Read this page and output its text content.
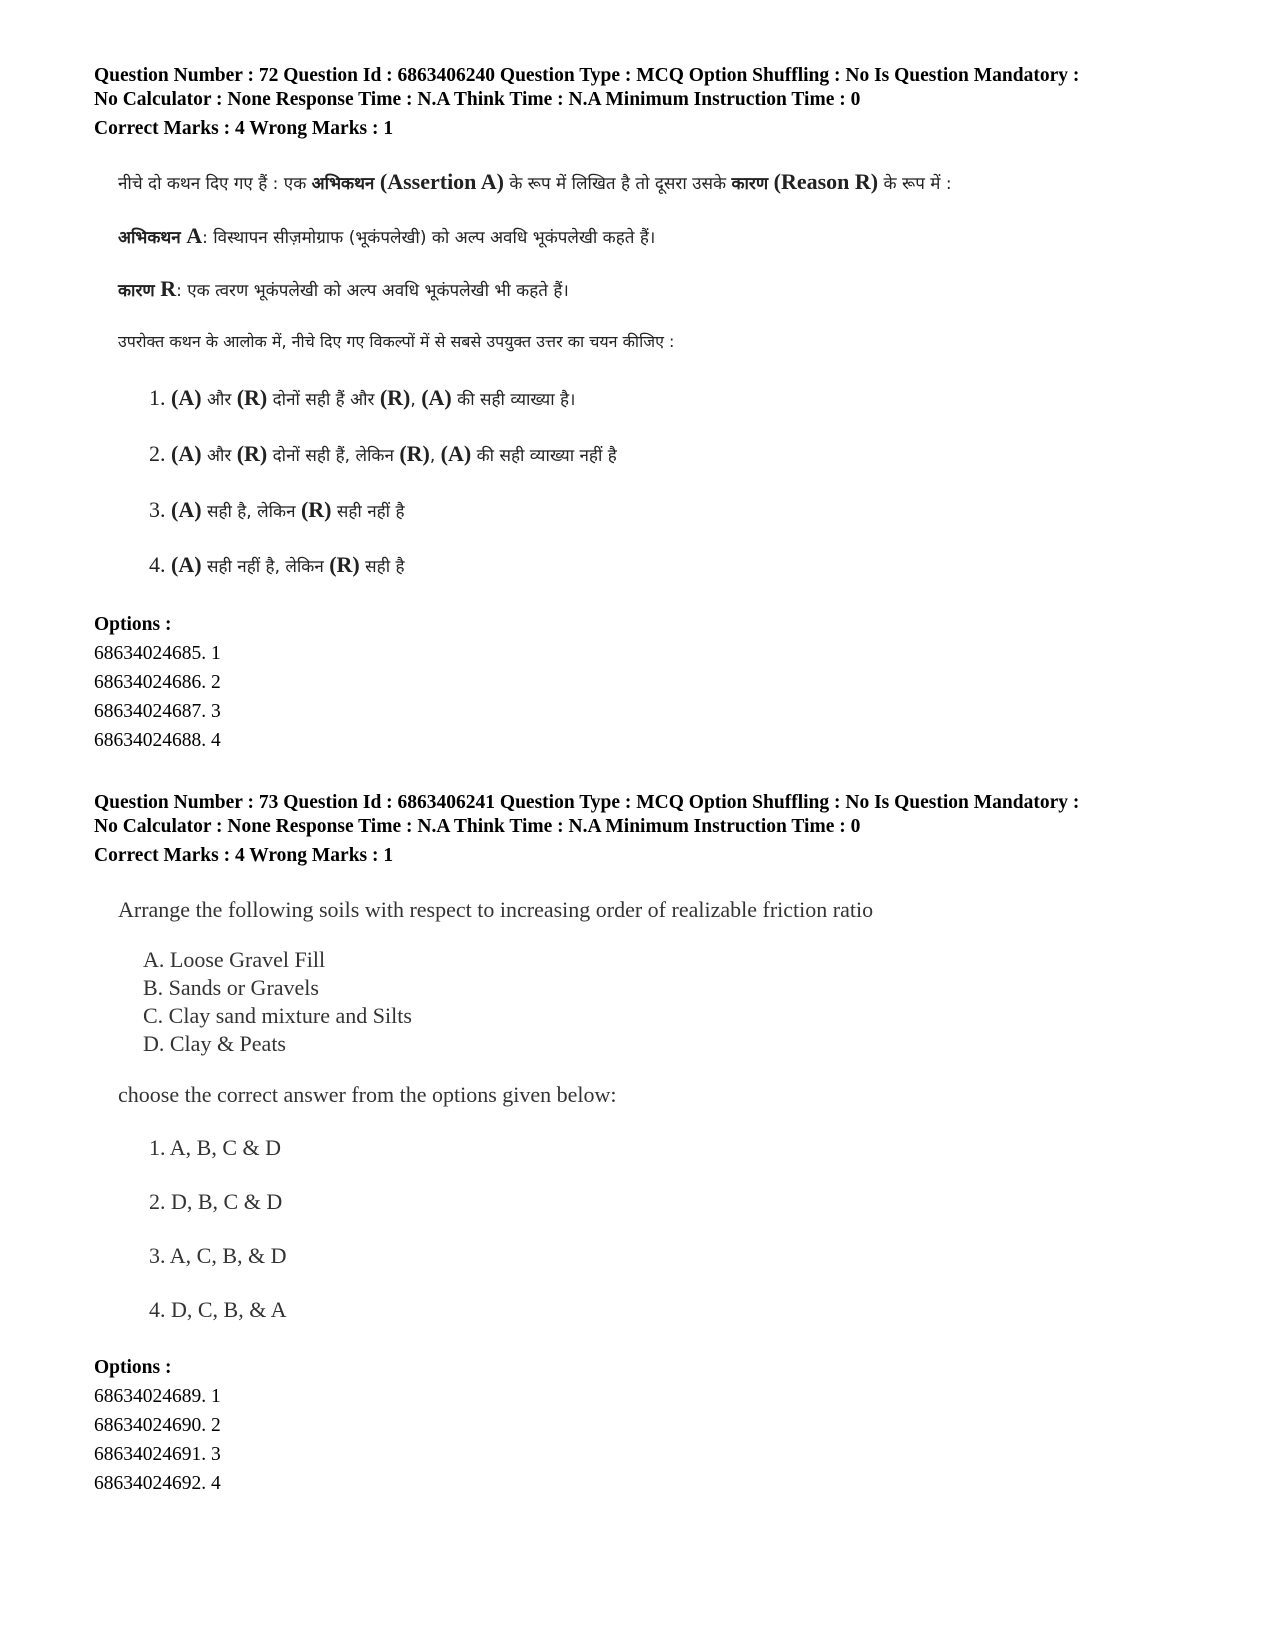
Question Number : 72 Question Id : 6863406240 Question Type : MCQ Option Shuffling : No Is Question Mandatory :
No Calculator : None Response Time : N.A Think Time : N.A Minimum Instruction Time : 0
Correct Marks : 4 Wrong Marks : 1
नीचे दो कथन दिए गए हैं : एक अभिकथन (Assertion A) के रूप में लिखित है तो दूसरा उसके कारण (Reason R) के रूप में :
अभिकथन A: विस्थापन सीज़मोग्राफ (भूकंपलेखी) को अल्प अवधि भूकंपलेखी कहते हैं।
कारण R: एक त्वरण भूकंपलेखी को अल्प अवधि भूकंपलेखी भी कहते हैं।
उपरोक्त कथन के आलोक में, नीचे दिए गए विकल्पों में से सबसे उपयुक्त उत्तर का चयन कीजिए :
1. (A) और (R) दोनों सही हैं और (R), (A) की सही व्याख्या है।
2. (A) और (R) दोनों सही हैं, लेकिन (R), (A) की सही व्याख्या नहीं है
3. (A) सही है, लेकिन (R) सही नहीं है
4. (A) सही नहीं है, लेकिन (R) सही है
Options :
68634024685. 1
68634024686. 2
68634024687. 3
68634024688. 4
Question Number : 73 Question Id : 6863406241 Question Type : MCQ Option Shuffling : No Is Question Mandatory :
No Calculator : None Response Time : N.A Think Time : N.A Minimum Instruction Time : 0
Correct Marks : 4 Wrong Marks : 1
Arrange the following soils with respect to increasing order of realizable friction ratio
A. Loose Gravel Fill
B. Sands or Gravels
C. Clay sand mixture and Silts
D. Clay & Peats
choose the correct answer from the options given below:
1. A, B, C & D
2. D, B, C & D
3. A, C, B, & D
4. D, C, B, & A
Options :
68634024689. 1
68634024690. 2
68634024691. 3
68634024692. 4
